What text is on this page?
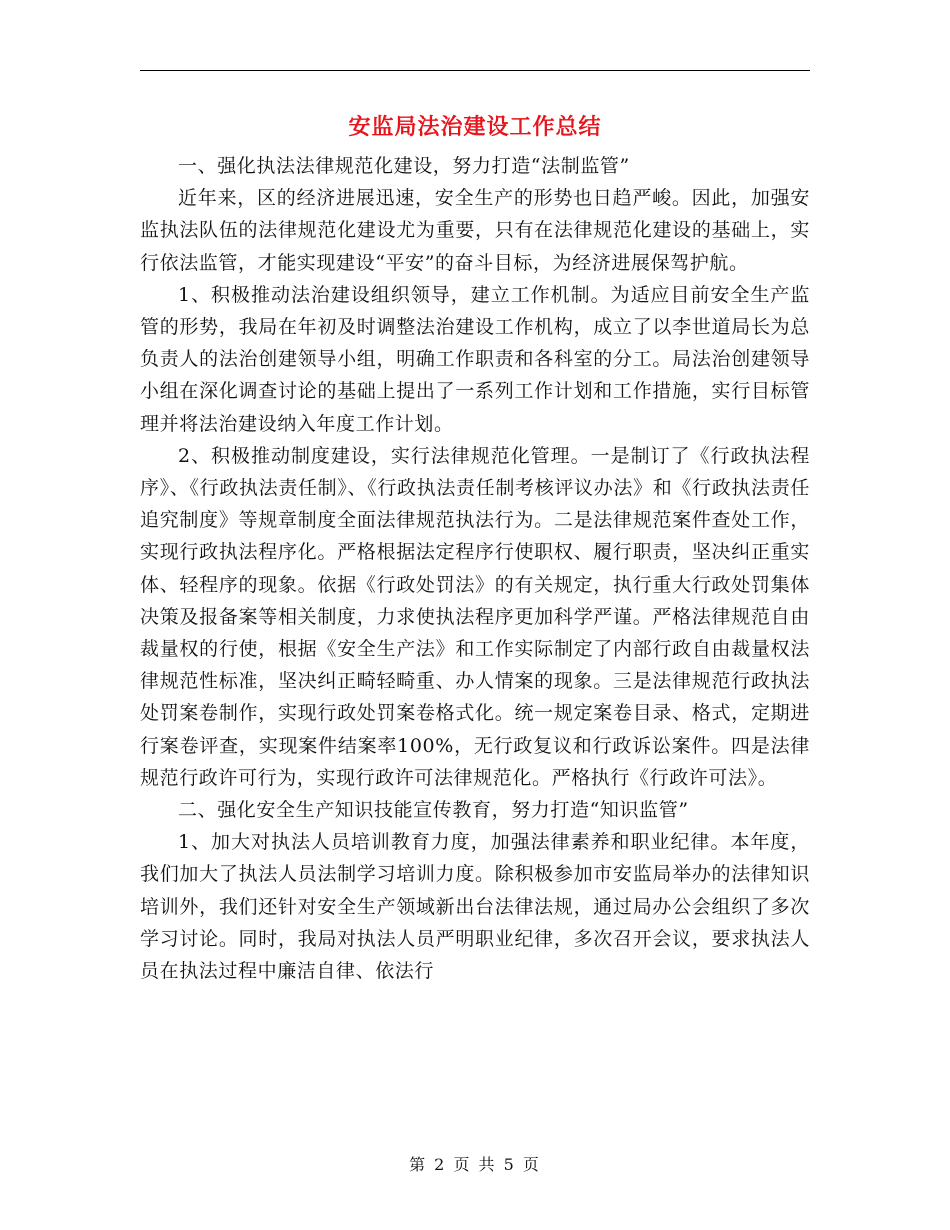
安监局法治建设工作总结

一、强化执法法律规范化建设，努力打造“法制监管”

近年来，区的经济进展迅速，安全生产的形势也日趋严峻。因此，加强安监执法队伍的法律规范化建设尤为重要，只有在法律规范化建设的基础上，实行依法监管，才能实现建设“平安”的奋斗目标，为经济进展保驾护航。

1、积极推动法治建设组织领导，建立工作机制。为适应目前安全生产监管的形势，我局在年初及时调整法治建设工作机构，成立了以李世道局长为总负责人的法治创建领导小组，明确工作职责和各科室的分工。局法治创建领导小组在深化调查讨论的基础上提出了一系列工作计划和工作措施，实行目标管理并将法治建设纳入年度工作计划。

2、积极推动制度建设，实行法律规范化管理。一是制订了《行政执法程序》、《行政执法责任制》、《行政执法责任制考核评议办法》和《行政执法责任追究制度》等规章制度全面法律规范执法行为。二是法律规范案件查处工作，实现行政执法程序化。严格根据法定程序行使职权、履行职责，坚决纠正重实体、轻程序的现象。依据《行政处罚法》的有关规定，执行重大行政处罚集体决策及报备案等相关制度，力求使执法程序更加科学严谨。严格法律规范自由裁量权的行使，根据《安全生产法》和工作实际制定了内部行政自由裁量权法律规范性标准，坚决纠正畸轻畸重、办人情案的现象。三是法律规范行政执法处罚案卷制作，实现行政处罚案卷格式化。统一规定案卷目录、格式，定期进行案卷评查，实现案件结案率100%，无行政复议和行政诉讼案件。四是法律规范行政许可行为，实现行政许可法律规范化。严格执行《行政许可法》。

二、强化安全生产知识技能宣传教育，努力打造“知识监管”

1、加大对执法人员培训教育力度，加强法律素养和职业纪律。本年度，我们加大了执法人员法制学习培训力度。除积极参加市安监局举办的法律知识培训外，我们还针对安全生产领域新出台法律法规，通过局办公会组织了多次学习讨论。同时，我局对执法人员严明职业纪律，多次召开会议，要求执法人员在执法过程中廉洁自律、依法行

第 2 页 共 5 页
